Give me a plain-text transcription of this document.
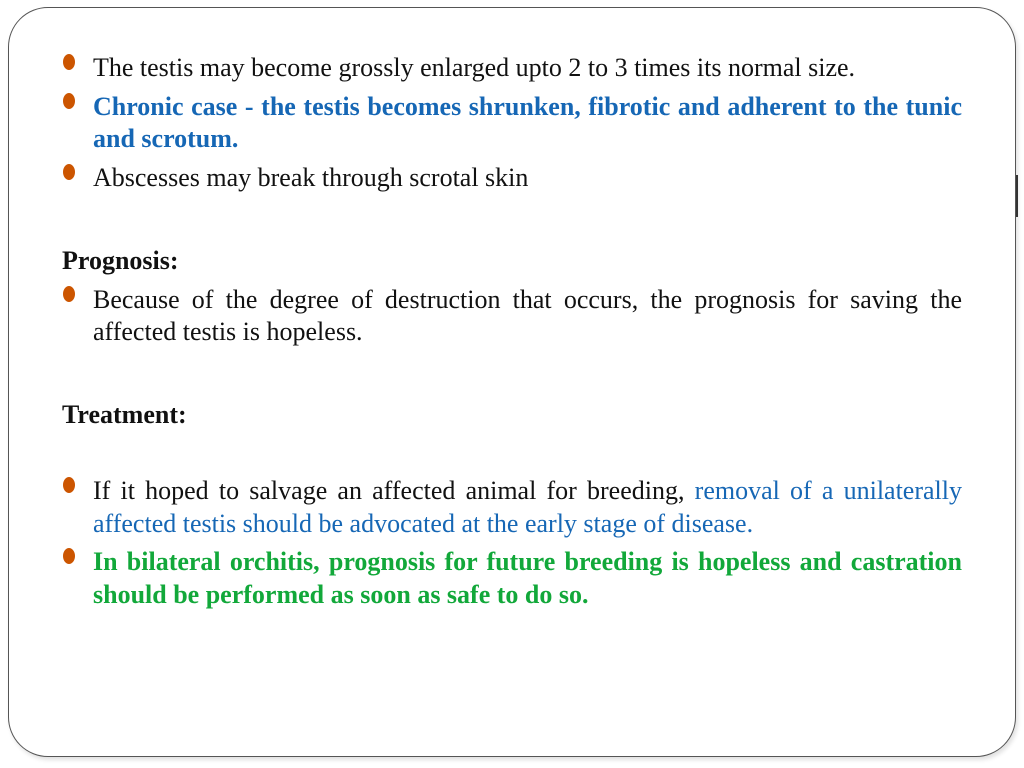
The testis may become grossly enlarged upto 2 to 3 times its normal size.
Chronic case - the testis becomes shrunken, fibrotic and adherent to the tunic and scrotum.
Abscesses may break through scrotal skin
Prognosis:
Because of the degree of destruction that occurs, the prognosis for saving the affected testis is hopeless.
Treatment:
If it hoped to salvage an affected animal for breeding, removal of a unilaterally affected testis should be advocated at the early stage of disease.
In bilateral orchitis, prognosis for future breeding is hopeless and castration should be performed as soon as safe to do so.
